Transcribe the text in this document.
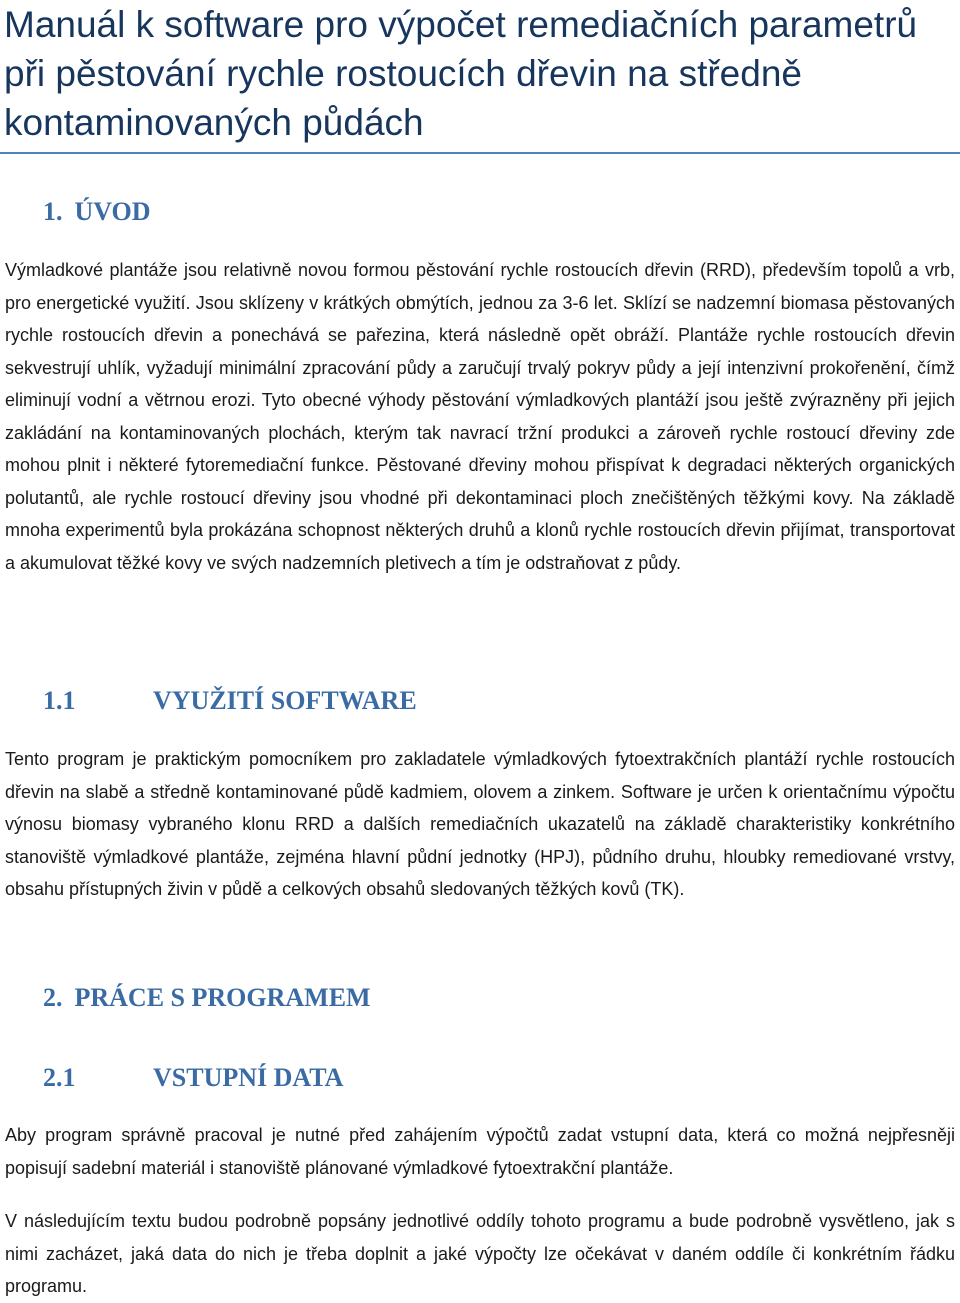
Manuál k software pro výpočet remediačních parametrů při pěstování rychle rostoucích dřevin na středně kontaminovaných půdách
1. ÚVOD

Výmladkové plantáže jsou relativně novou formou pěstování rychle rostoucích dřevin (RRD), především topolů a vrb, pro energetické využití. Jsou sklízeny v krátkých obmýtích, jednou za 3-6 let. Sklízí se nadzemní biomasa pěstovaných rychle rostoucích dřevin a ponechává se pařezina, která následně opět obráží. Plantáže rychle rostoucích dřevin sekvestrují uhlík, vyžadují minimální zpracování půdy a zaručují trvalý pokryv půdy a její intenzivní prokořenění, čímž eliminují vodní a větrnou erozi. Tyto obecné výhody pěstování výmladkových plantáží jsou ještě zvýrazněny při jejich zakládání na kontaminovaných plochách, kterým tak navrací tržní produkci a zároveň rychle rostoucí dřeviny zde mohou plnit i některé fytoremediační funkce. Pěstované dřeviny mohou přispívat k degradaci některých organických polutantů, ale rychle rostoucí dřeviny jsou vhodné při dekontaminaci ploch znečištěných těžkými kovy. Na základě mnoha experimentů byla prokázána schopnost některých druhů a klonů rychle rostoucích dřevin přijímat, transportovat a akumulovat těžké kovy ve svých nadzemních pletivech a tím je odstraňovat z půdy.

1.1	VYUŽITÍ SOFTWARE

Tento program je praktickým pomocníkem pro zakladatele výmladkových fytoextrakčních plantáží rychle rostoucích dřevin na slabě a středně kontaminované půdě kadmiem, olovem a zinkem. Software je určen k orientačnímu výpočtu výnosu biomasy vybraného klonu RRD a dalších remediačních ukazatelů na základě charakteristiky konkrétního stanoviště výmladkové plantáže, zejména hlavní půdní jednotky (HPJ), půdního druhu, hloubky remediované vrstvy, obsahu přístupných živin v půdě a celkových obsahů sledovaných těžkých kovů (TK).

2. PRÁCE S PROGRAMEM
2.1	VSTUPNÍ DATA

Aby program správně pracoval je nutné před zahájením výpočtů zadat vstupní data, která co možná nejpřesněji popisují sadební materiál i stanoviště plánované výmladkové fytoextrakční plantáže.

V následujícím textu budou podrobně popsány jednotlivé oddíly tohoto programu a bude podrobně vysvětleno, jak s nimi zacházet, jaká data do nich je třeba doplnit a jaké výpočty lze očekávat v daném oddíle či konkrétním řádku programu.
